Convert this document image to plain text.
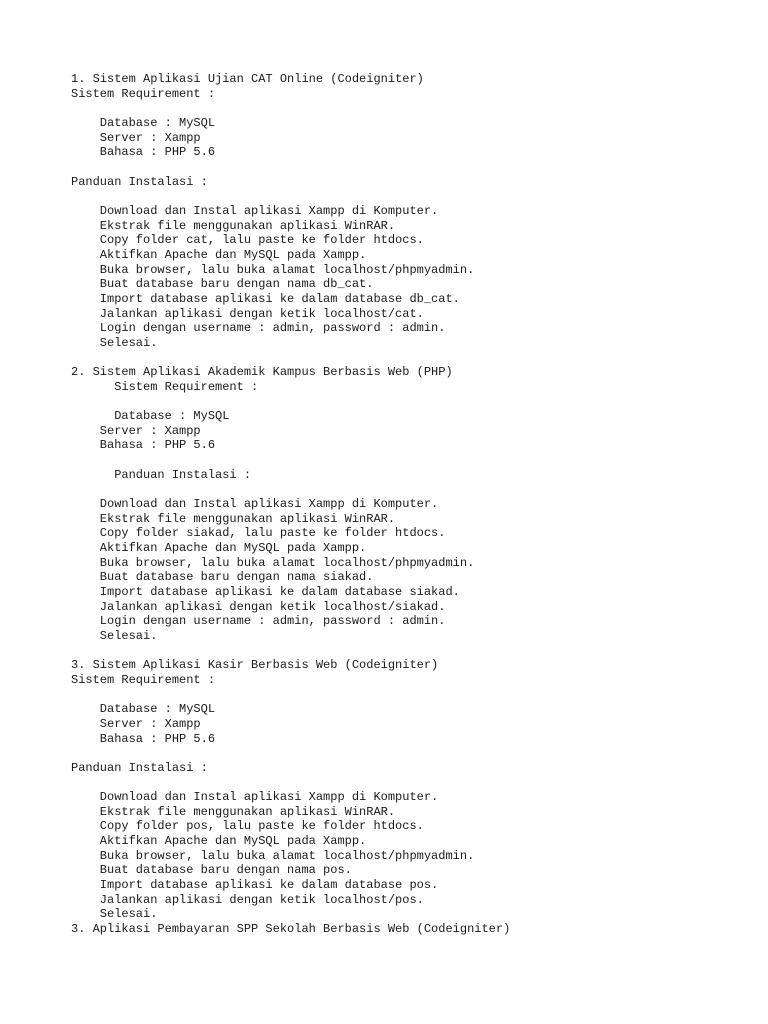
1. Sistem Aplikasi Ujian CAT Online (Codeigniter)
Sistem Requirement :
Database : MySQL
Server : Xampp
Bahasa : PHP 5.6
Panduan Instalasi :
Download dan Instal aplikasi Xampp di Komputer.
Ekstrak file menggunakan aplikasi WinRAR.
Copy folder cat, lalu paste ke folder htdocs.
Aktifkan Apache dan MySQL pada Xampp.
Buka browser, lalu buka alamat localhost/phpmyadmin.
Buat database baru dengan nama db_cat.
Import database aplikasi ke dalam database db_cat.
Jalankan aplikasi dengan ketik localhost/cat.
Login dengan username : admin, password : admin.
Selesai.
2. Sistem Aplikasi Akademik Kampus Berbasis Web (PHP)
Sistem Requirement :
Database : MySQL
Server : Xampp
Bahasa : PHP 5.6
Panduan Instalasi :
Download dan Instal aplikasi Xampp di Komputer.
Ekstrak file menggunakan aplikasi WinRAR.
Copy folder siakad, lalu paste ke folder htdocs.
Aktifkan Apache dan MySQL pada Xampp.
Buka browser, lalu buka alamat localhost/phpmyadmin.
Buat database baru dengan nama siakad.
Import database aplikasi ke dalam database siakad.
Jalankan aplikasi dengan ketik localhost/siakad.
Login dengan username : admin, password : admin.
Selesai.
3. Sistem Aplikasi Kasir Berbasis Web (Codeigniter)
Sistem Requirement :
Database : MySQL
Server : Xampp
Bahasa : PHP 5.6
Panduan Instalasi :
Download dan Instal aplikasi Xampp di Komputer.
Ekstrak file menggunakan aplikasi WinRAR.
Copy folder pos, lalu paste ke folder htdocs.
Aktifkan Apache dan MySQL pada Xampp.
Buka browser, lalu buka alamat localhost/phpmyadmin.
Buat database baru dengan nama pos.
Import database aplikasi ke dalam database pos.
Jalankan aplikasi dengan ketik localhost/pos.
Selesai.
3. Aplikasi Pembayaran SPP Sekolah Berbasis Web (Codeigniter)
